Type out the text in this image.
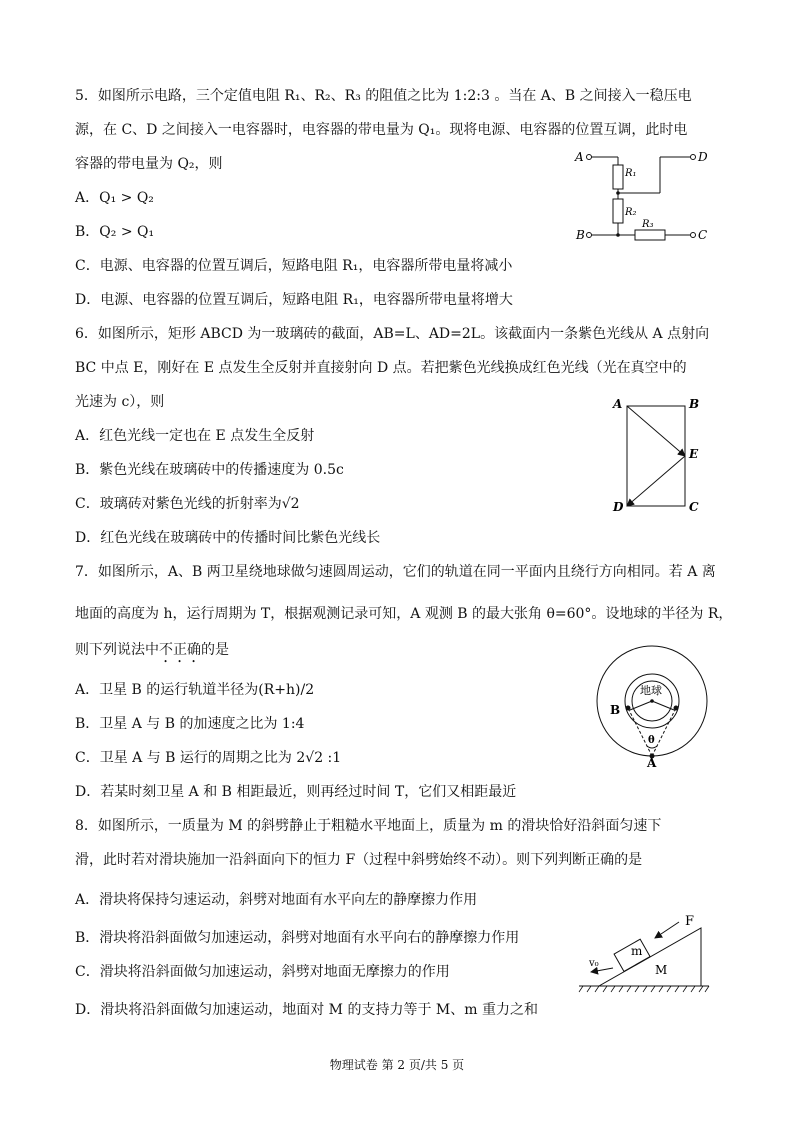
5．如图所示电路，三个定值电阻 R₁、R₂、R₃ 的阻值之比为 1:2:3 。当在 A、B 之间接入一稳压电
源，在 C、D 之间接入一电容器时，电容器的带电量为 Q₁。现将电源、电容器的位置互调，此时电
容器的带电量为 Q₂，则
A．Q₁ > Q₂
B．Q₂ > Q₁
C．电源、电容器的位置互调后，短路电阻 R₁，电容器所带电量将减小
D．电源、电容器的位置互调后，短路电阻 R₁，电容器所带电量将增大
A	D
B	C
R₁
R₂
R₃
6．如图所示，矩形 ABCD 为一玻璃砖的截面，AB=L、AD=2L。该截面内一条紫色光线从 A 点射向
BC 中点 E，刚好在 E 点发生全反射并直接射向 D 点。若把紫色光线换成红色光线（光在真空中的
光速为 c），则
A．红色光线一定也在 E 点发生全反射
B．紫色光线在玻璃砖中的传播速度为 0.5c
C．玻璃砖对紫色光线的折射率为√2
D．红色光线在玻璃砖中的传播时间比紫色光线长
A	B
E
C
D
7．如图所示，A、B 两卫星绕地球做匀速圆周运动，它们的轨道在同一平面内且绕行方向相同。若 A 离
地面的高度为 h，运行周期为 T，根据观测记录可知，A 观测 B 的最大张角 θ=60°。设地球的半径为 R，
则下列说法中不正确的是
A．卫星 B 的运行轨道半径为(R+h)/2
B．卫星 A 与 B 的加速度之比为 1:4
C．卫星 A 与 B 运行的周期之比为 2√2 :1
D．若某时刻卫星 A 和 B 相距最近，则再经过时间 T，它们又相距最近
地球
θ
B
A
8．如图所示，一质量为 M 的斜劈静止于粗糙水平地面上，质量为 m 的滑块恰好沿斜面匀速下
滑，此时若对滑块施加一沿斜面向下的恒力 F（过程中斜劈始终不动）。则下列判断正确的是
A．滑块将保持匀速运动，斜劈对地面有水平向左的静摩擦力作用
B．滑块将沿斜面做匀加速运动，斜劈对地面有水平向右的静摩擦力作用
C．滑块将沿斜面做匀加速运动，斜劈对地面无摩擦力的作用
D．滑块将沿斜面做匀加速运动，地面对 M 的支持力等于 M、m 重力之和
m
F
v₀	M
物理试卷 第 2 页/共 5 页
